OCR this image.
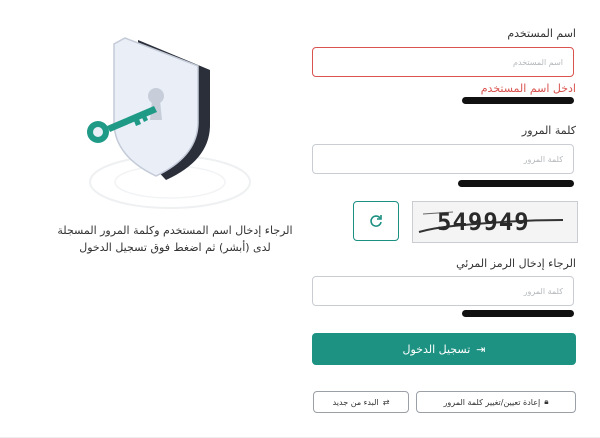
الرجاء إدخال اسم المستخدم وكلمة المرور المسجلة لدى (أبشر) ثم اضغط فوق تسجيل الدخول
اسم المستخدم
اسم المستخدم
ادخل اسم المستخدم
كلمة المرور
الرجاء إدخال الرمز المرئي
كلمة المرور
549949
⇥
تسجيل الدخول
🔒︎
إعادة تعيين/تغيير كلمة المرور
⇄
البدء من جديد
